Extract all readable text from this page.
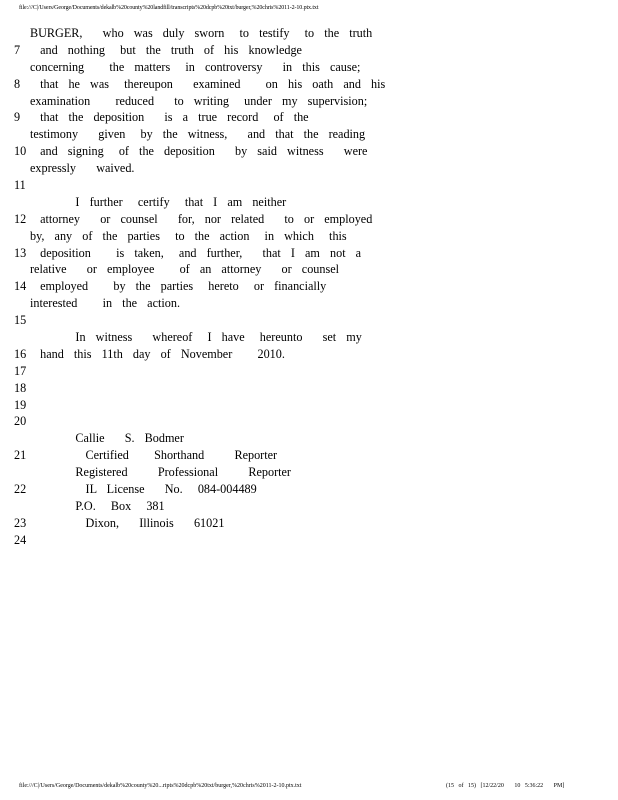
file:///C|/Users/George/Documents/dekalb%20county%20landfill/transcripts%20dcpb%20txt/burger,%20chris%2011-2-10.ptx.txt
BURGER,    who  was  duly  sworn   to  testify   to  the  truth
7 and  nothing   but  the  truth  of  his  knowledge
concerning     the  matters   in  controversy    in  this  cause;
8 that  he  was   thereupon    examined     on  his  oath  and  his
examination     reduced    to  writing   under  my  supervision;
9 that  the  deposition    is  a  true  record   of  the
testimony    given   by  the  witness,    and  that  the  reading
10 and  signing   of  the  deposition    by  said  witness    were
expressly    waived.
11
I  further   certify   that  I  am  neither
12 attorney    or  counsel    for,  nor  related    to  or  employed
by,  any  of  the  parties   to  the  action   in  which   this
13 deposition     is  taken,   and  further,    that  I  am  not  a
relative    or  employee     of  an  attorney    or  counsel
14 employed     by  the  parties   hereto   or  financially
interested     in  the  action.
15
In  witness    whereof   I  have   hereunto    set  my
16 hand  this  11th  day  of  November     2010.
17
18
19
20
Callie    S.  Bodmer
21 Certified     Shorthand      Reporter
Registered      Professional      Reporter
22 IL  License    No.   084-004489
P.O.   Box   381
23 Dixon,    Illinois    61021
24
file:///C|/Users/George/Documents/dekalb%20county%20...ripts%20dcpb%20txt/burger,%20chris%2011-2-10.ptx.txt	(15   of   15)   [12/22/20       10   5:36:22       PM]
